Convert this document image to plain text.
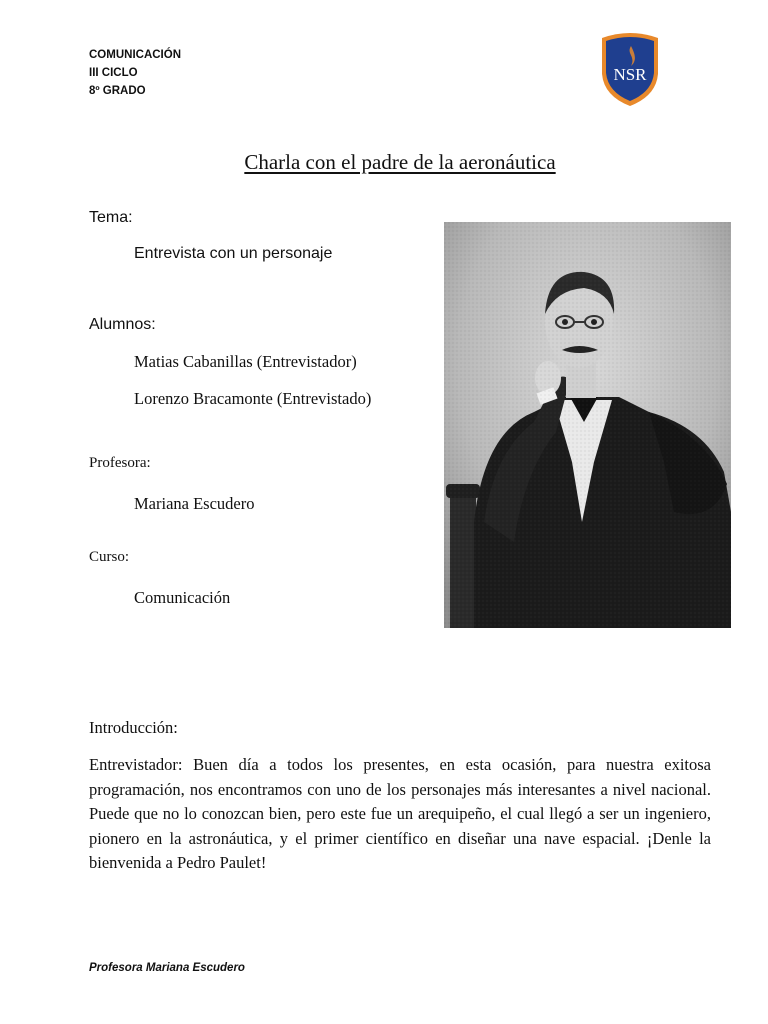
COMUNICACIÓN
III CICLO
8º GRADO
NSR
Charla con el padre de la aeronáutica
Tema:
Entrevista con un personaje
Alumnos:
Matias Cabanillas (Entrevistador)
Lorenzo Bracamonte (Entrevistado)
Profesora:
Mariana Escudero
Curso:
Comunicación
Introducción:
Entrevistador: Buen día a todos los presentes, en esta ocasión, para nuestra exitosa programación, nos encontramos con uno de los personajes más interesantes a nivel nacional. Puede que no lo conozcan bien, pero este fue un arequipeño, el cual llegó a ser un ingeniero, pionero en la astronáutica, y el primer científico en diseñar una nave espacial. ¡Denle la bienvenida a Pedro Paulet!
Profesora Mariana Escudero
